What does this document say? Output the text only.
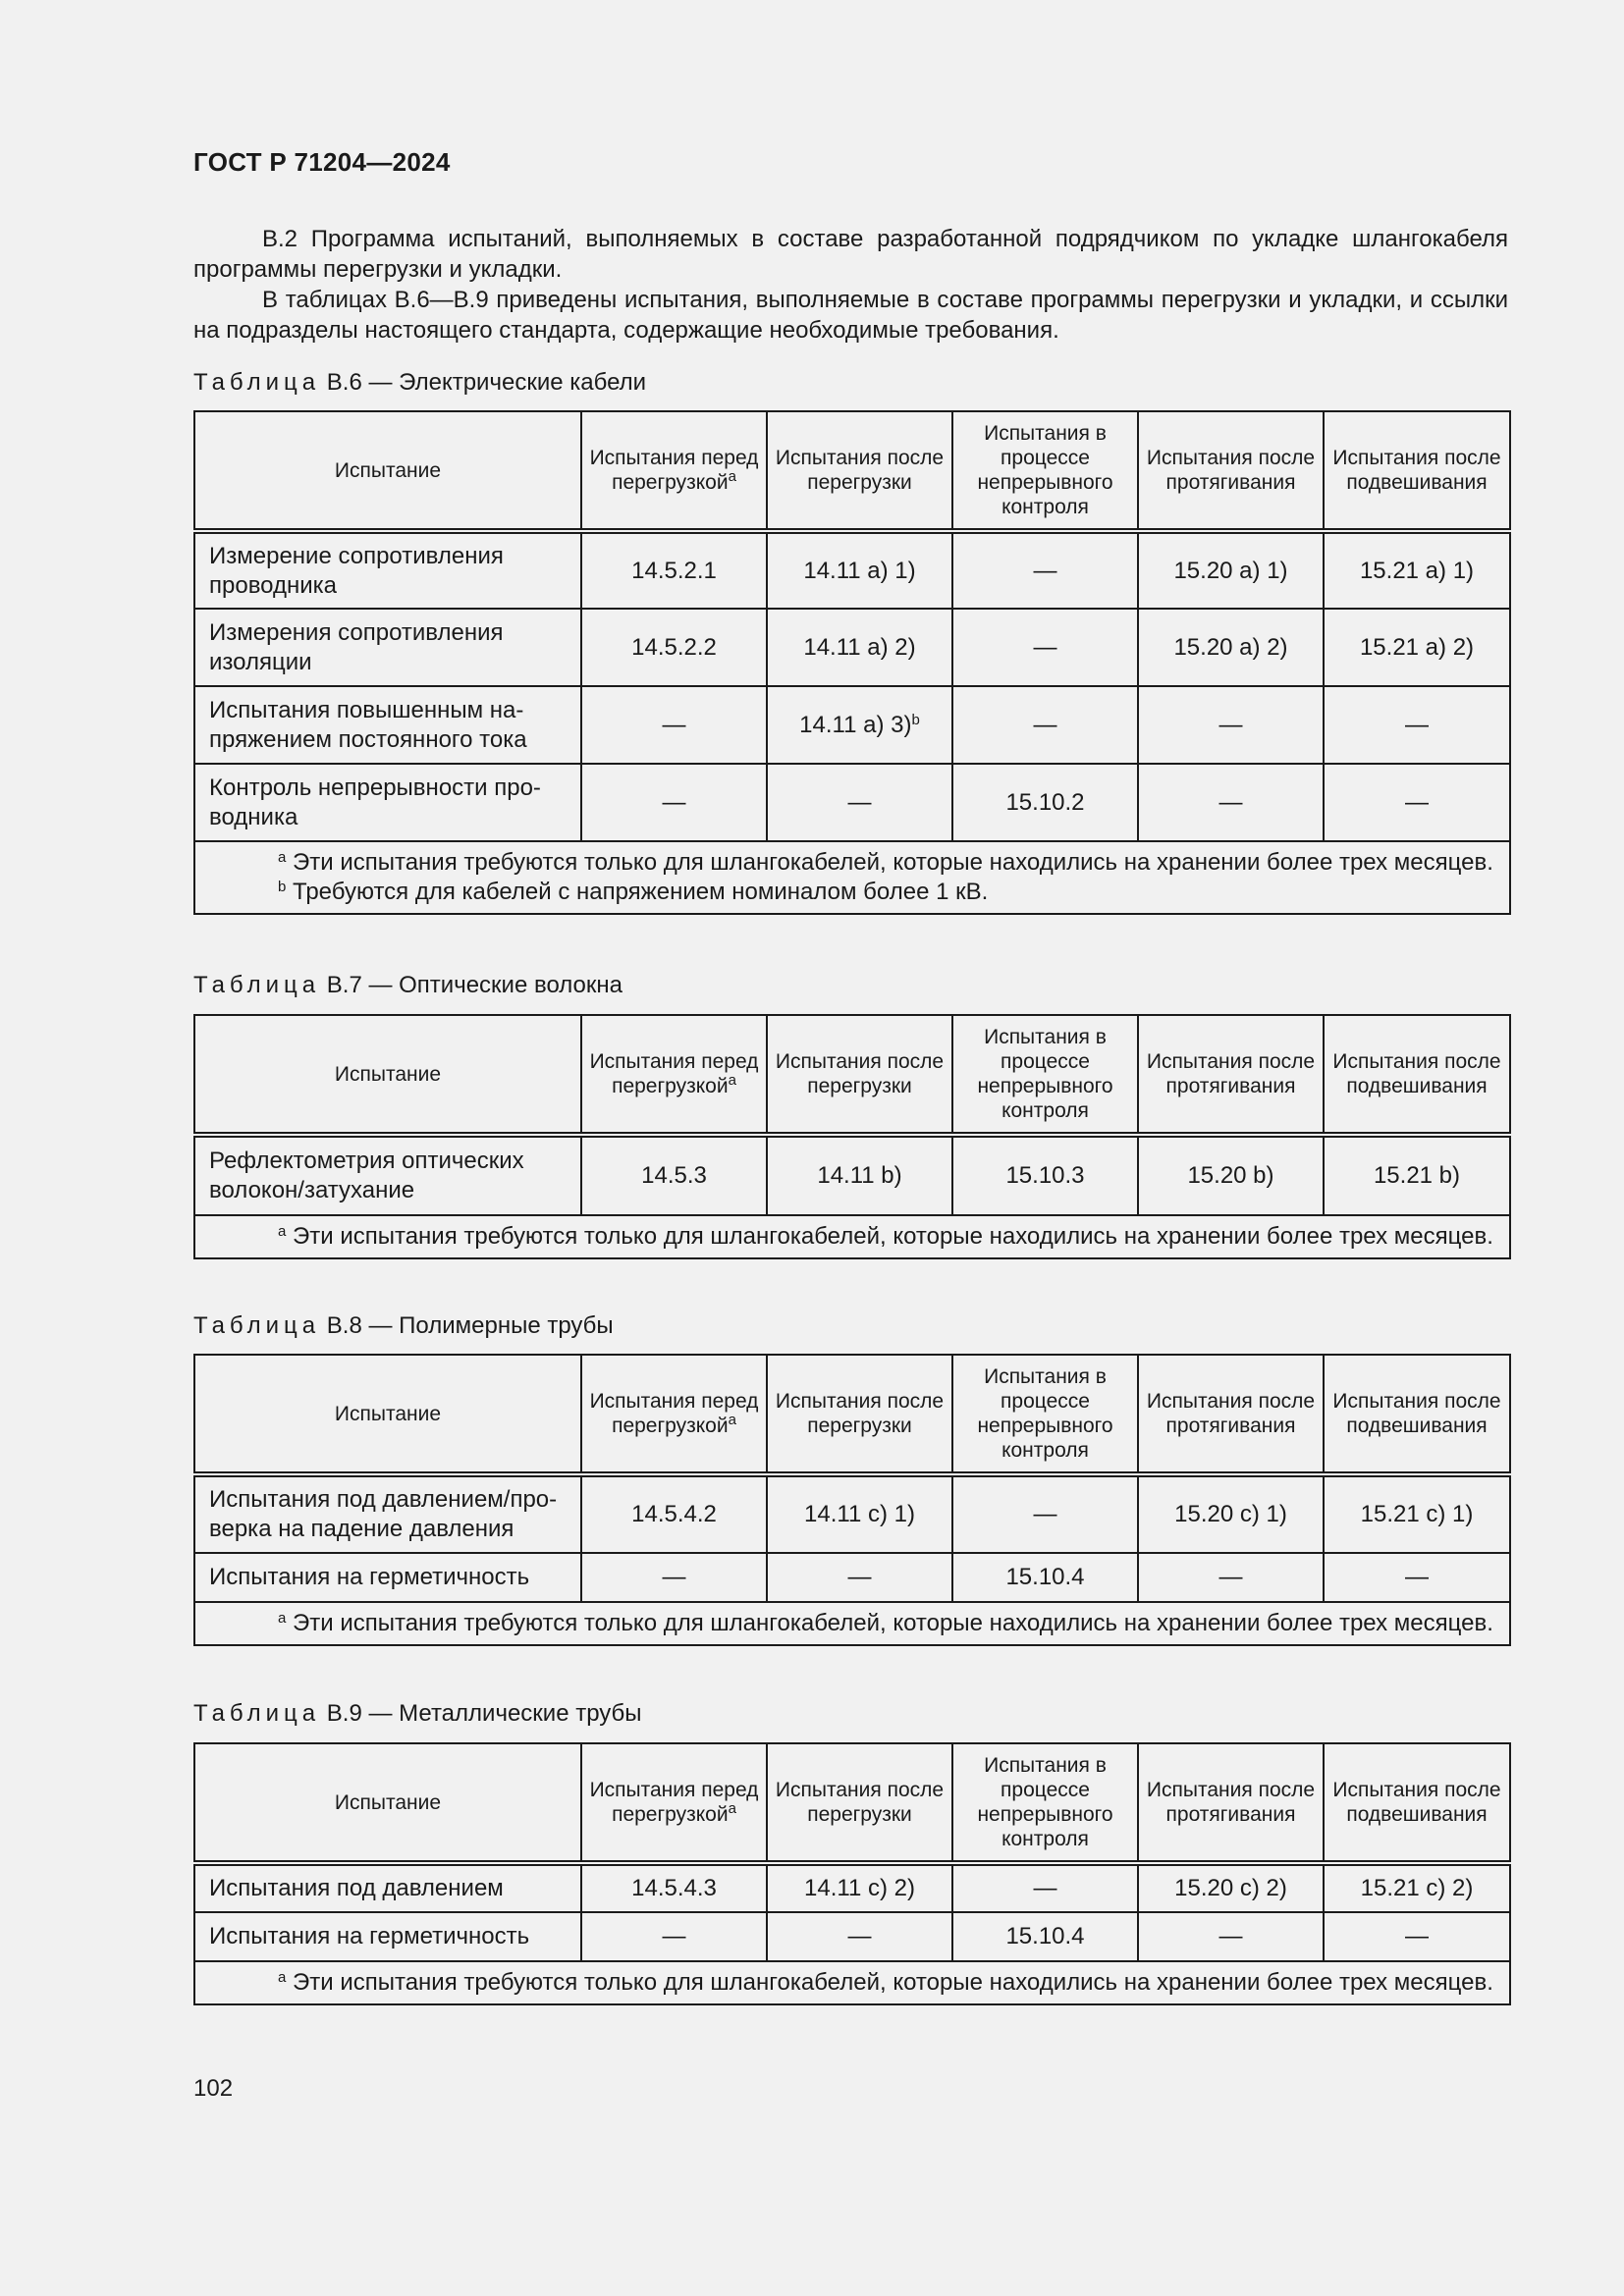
ГОСТ Р 71204—2024

В.2 Программа испытаний, выполняемых в составе разработанной подрядчиком по укладке шлангокабеля программы перегрузки и укладки.

В таблицах В.6—В.9 приведены испытания, выполняемые в составе программы перегрузки и укладки, и ссылки на подразделы настоящего стандарта, содержащие необходимые требования.

Таблица В.6 — Электрические кабели
Испытание	Испытания перед перегрузкой$^a$	Испытания после перегрузки	Испытания в процессе непрерывного контроля	Испытания после протягивания	Испытания после подвешивания
Измерение сопротивления проводника	14.5.2.1	14.11 а) 1)	—	15.20 а) 1)	15.21 а) 1)
Измерения сопротивления изоляции	14.5.2.2	14.11 а) 2)	—	15.20 а) 2)	15.21 а) 2)
Испытания повышенным напряжением постоянного тока	—	14.11 а) 3)$^b$	—	—	—
Контроль непрерывности проводника	—	—	15.10.2	—	—

$^a$ Эти испытания требуются только для шлангокабелей, которые находились на хранении более трех месяцев.

$^b$ Требуются для кабелей с напряжением номиналом более 1 кВ.					

Таблица В.7 — Оптические волокна
Испытание	Испытания перед перегрузкой$^a$	Испытания после перегрузки	Испытания в процессе непрерывного контроля	Испытания после протягивания	Испытания после подвешивания
Рефлектометрия оптических волокон/затухание	14.5.3	14.11 b)	15.10.3	15.20 b)	15.21 b)

$^a$ Эти испытания требуются только для шлангокабелей, которые находились на хранении более трех месяцев.					

Таблица В.8 — Полимерные трубы
Испытание	Испытания перед перегрузкой$^a$	Испытания после перегрузки	Испытания в процессе непрерывного контроля	Испытания после протягивания	Испытания после подвешивания
Испытания под давлением/проверка на падение давления	14.5.4.2	14.11 с) 1)	—	15.20 с) 1)	15.21 с) 1)
Испытания на герметичность	—	—	15.10.4	—	—

$^a$ Эти испытания требуются только для шлангокабелей, которые находились на хранении более трех месяцев.					

Таблица В.9 — Металлические трубы
Испытание	Испытания перед перегрузкой$^a$	Испытания после перегрузки	Испытания в процессе непрерывного контроля	Испытания после протягивания	Испытания после подвешивания
Испытания под давлением	14.5.4.3	14.11 с) 2)	—	15.20 с) 2)	15.21 с) 2)
Испытания на герметичность	—	—	15.10.4	—	—

$^a$ Эти испытания требуются только для шлангокабелей, которые находились на хранении более трех месяцев.					

102
